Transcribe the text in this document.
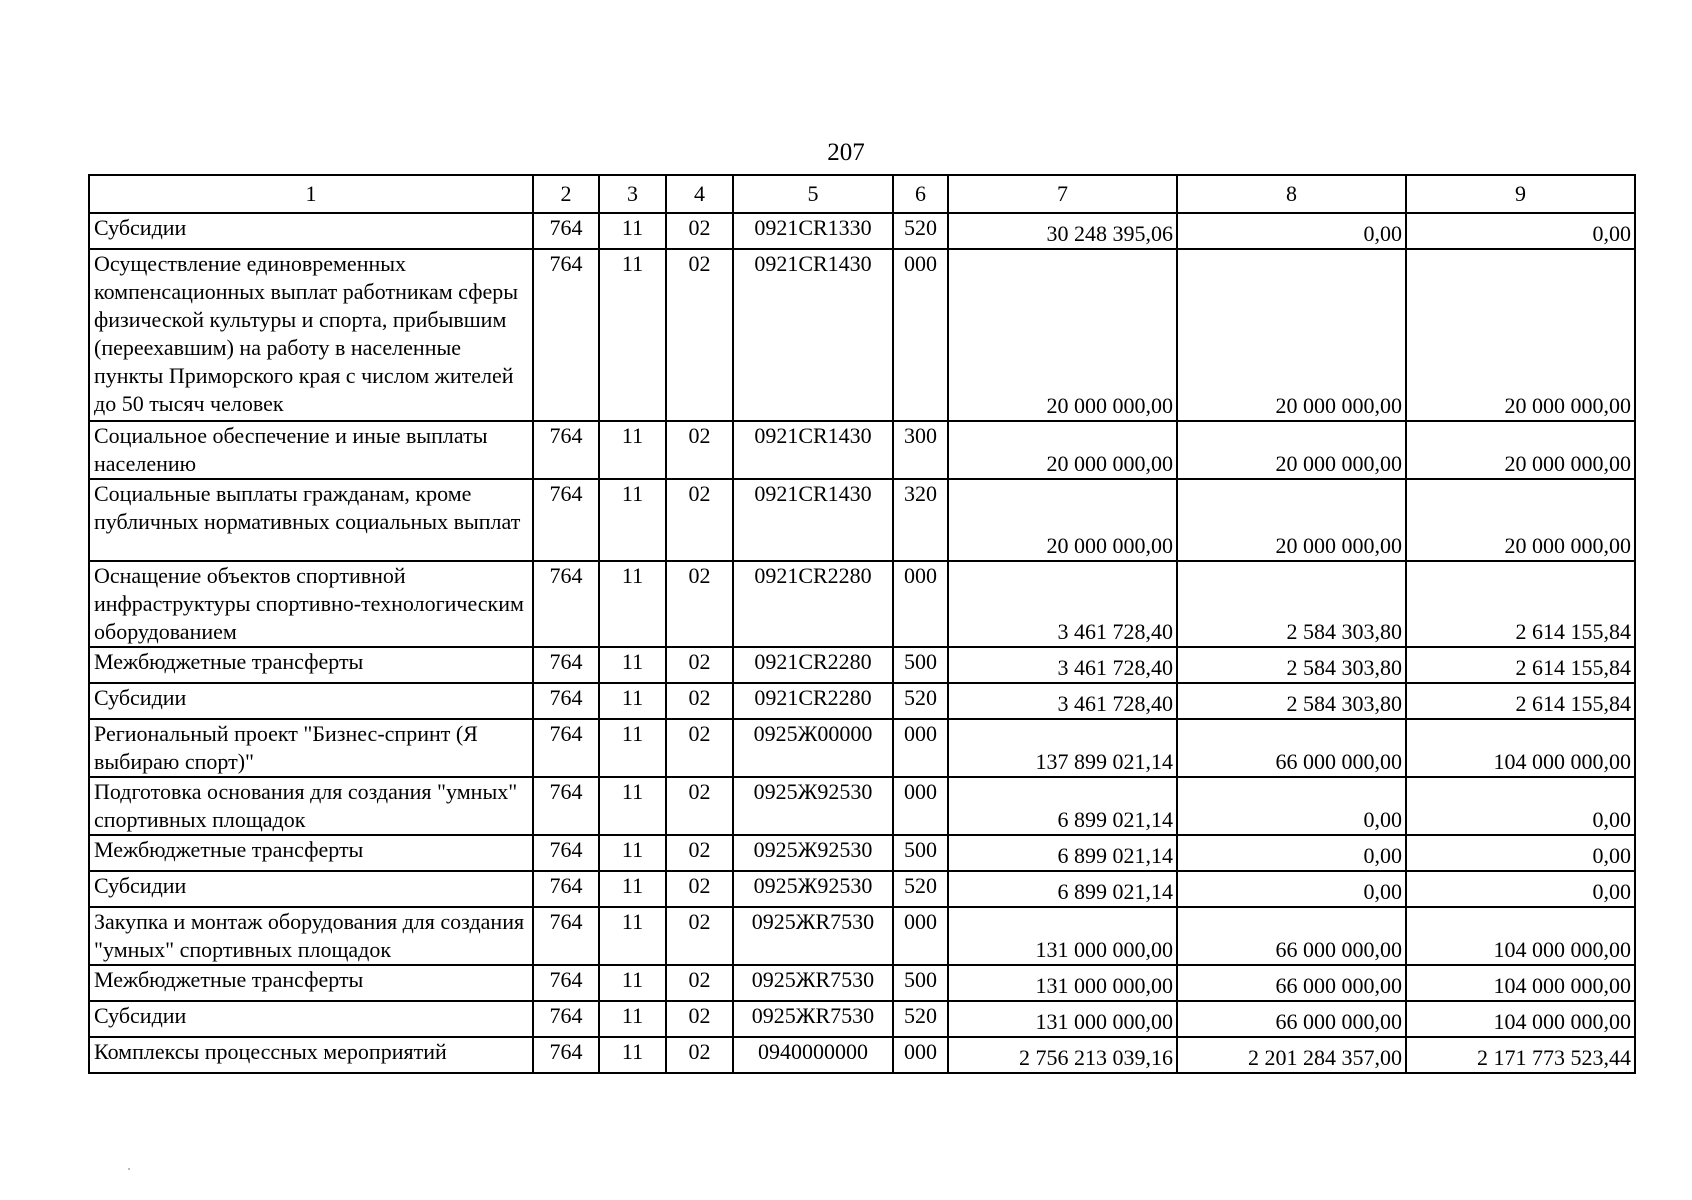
207
1	2	3	4	5	6	7	8	9
Субсидии	764	11	02	0921CR1330	520	30 248 395,06	0,00	0,00
Осуществление единовременных компенсационных выплат работникам сферы физической культуры и спорта, прибывшим (переехавшим) на работу в населенные пункты Приморского края с числом жителей до 50 тысяч человек	764	11	02	0921CR1430	000	20 000 000,00	20 000 000,00	20 000 000,00
Социальное обеспечение и иные выплаты населению	764	11	02	0921CR1430	300	20 000 000,00	20 000 000,00	20 000 000,00
Социальные выплаты гражданам, кроме публичных нормативных социальных выплат	764	11	02	0921CR1430	320	20 000 000,00	20 000 000,00	20 000 000,00
Оснащение объектов спортивной инфраструктуры спортивно-технологическим оборудованием	764	11	02	0921CR2280	000	3 461 728,40	2 584 303,80	2 614 155,84
Межбюджетные трансферты	764	11	02	0921CR2280	500	3 461 728,40	2 584 303,80	2 614 155,84
Субсидии	764	11	02	0921CR2280	520	3 461 728,40	2 584 303,80	2 614 155,84
Региональный проект "Бизнес-спринт (Я выбираю спорт)"	764	11	02	0925Ж00000	000	137 899 021,14	66 000 000,00	104 000 000,00
Подготовка основания для создания "умных" спортивных площадок	764	11	02	0925Ж92530	000	6 899 021,14	0,00	0,00
Межбюджетные трансферты	764	11	02	0925Ж92530	500	6 899 021,14	0,00	0,00
Субсидии	764	11	02	0925Ж92530	520	6 899 021,14	0,00	0,00
Закупка и монтаж оборудования для создания "умных" спортивных площадок	764	11	02	0925ЖR7530	000	131 000 000,00	66 000 000,00	104 000 000,00
Межбюджетные трансферты	764	11	02	0925ЖR7530	500	131 000 000,00	66 000 000,00	104 000 000,00
Субсидии	764	11	02	0925ЖR7530	520	131 000 000,00	66 000 000,00	104 000 000,00
Комплексы процессных мероприятий	764	11	02	0940000000	000	2 756 213 039,16	2 201 284 357,00	2 171 773 523,44
